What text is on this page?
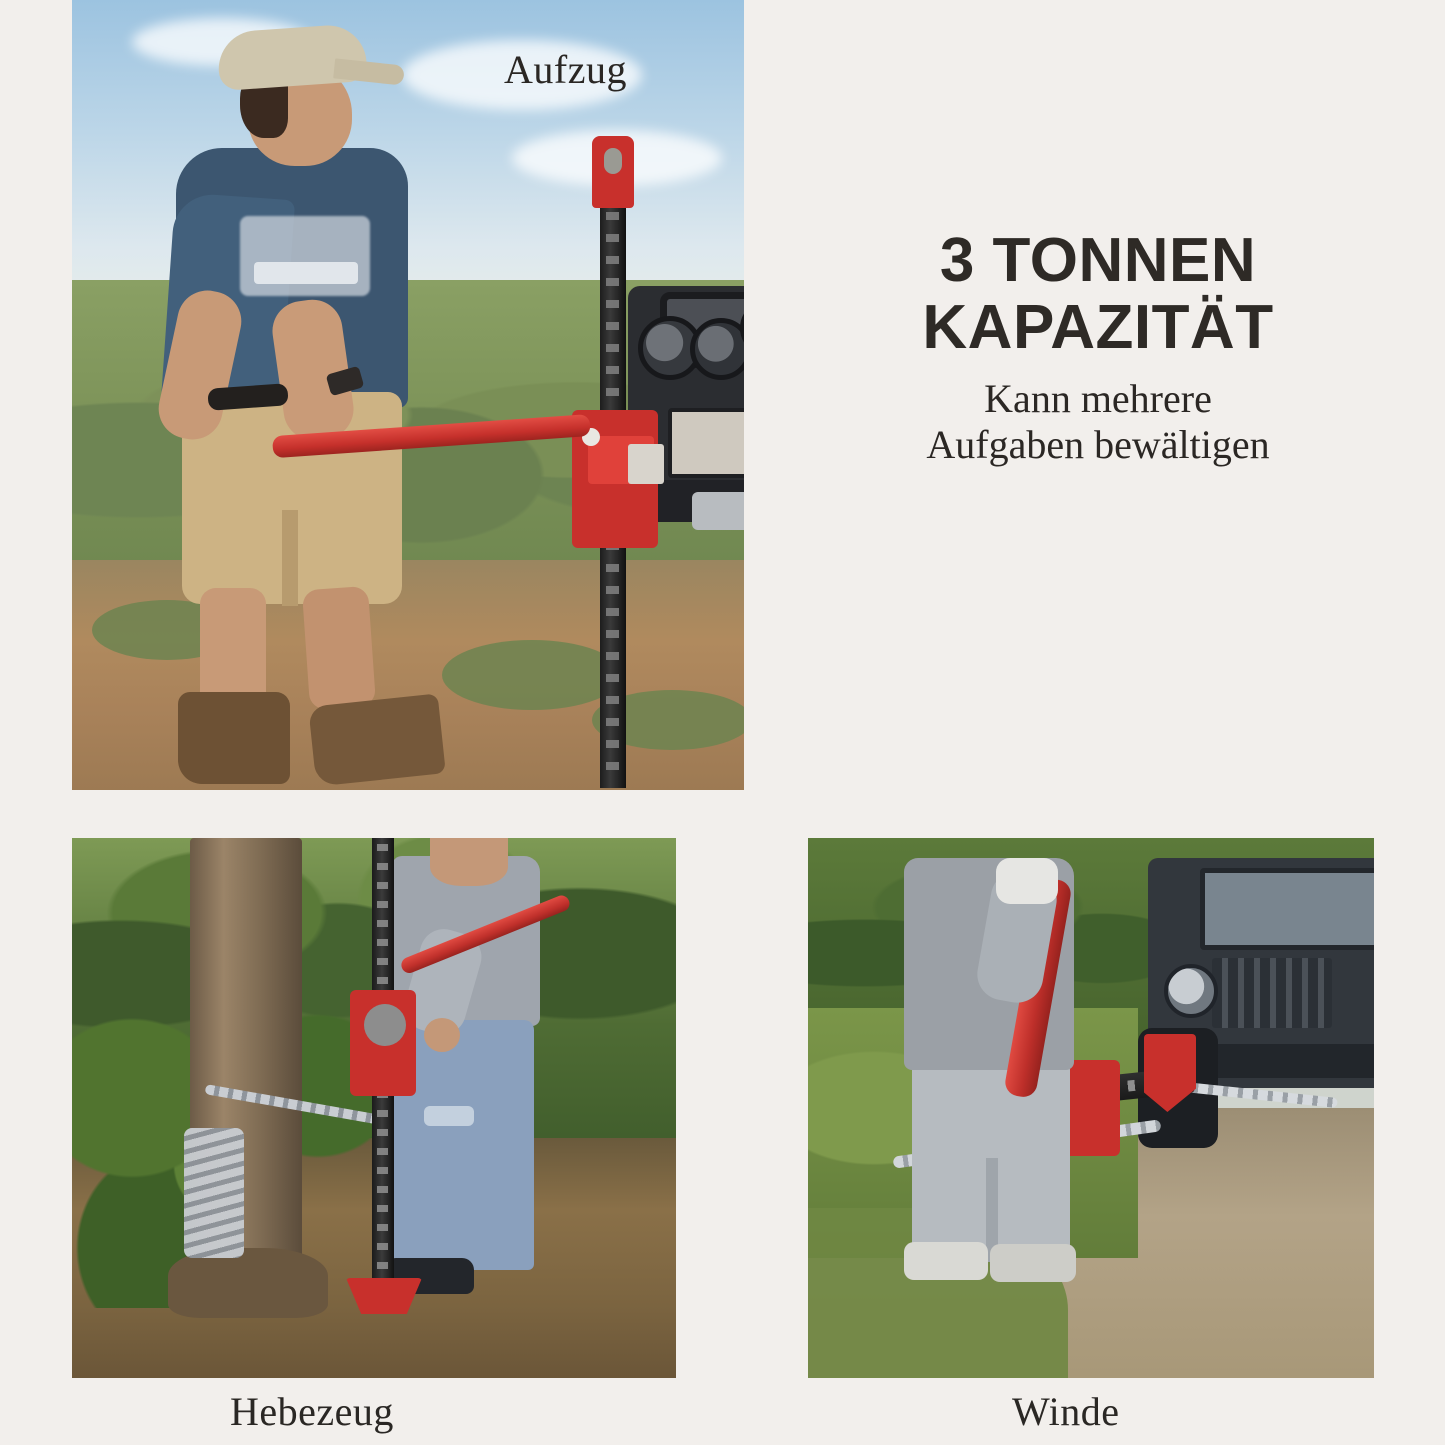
Aufzug
Hebezeug	Winde
3 TONNEN
KAPAZITÄT
Kann mehrere
Aufgaben bewältigen
